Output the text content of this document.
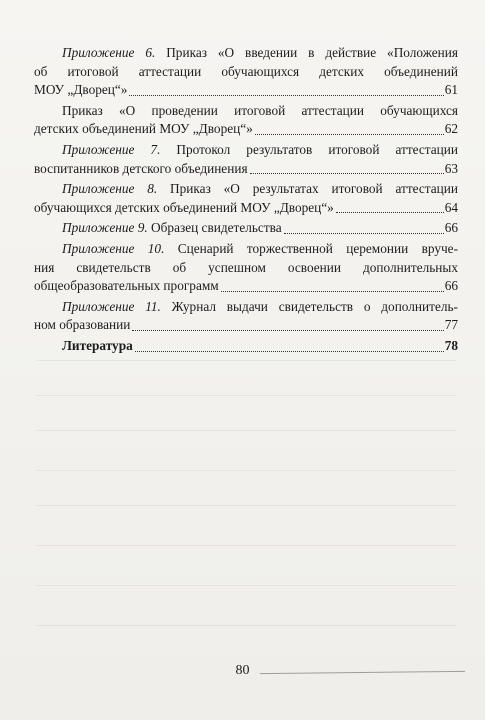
Приложение 6. Приказ «О введении в действие «Положения
об итоговой аттестации обучающихся детских объединений
МОУ „Дворец“»	61
Приказ «О проведении итоговой аттестации обучающихся
детских объединений МОУ „Дворец“»	62
Приложение 7. Протокол результатов итоговой аттестации
воспитанников детского объединения	63
Приложение 8. Приказ «О результатах итоговой аттестации
обучающихся детских объединений МОУ „Дворец“»	64
Приложение 9.
Образец свидетельства	66
Приложение 10. Сценарий торжественной церемонии вруче-
ния свидетельств об успешном освоении дополнительных
общеобразовательных программ	66
Приложение 11. Журнал выдачи свидетельств о дополнитель-
ном образовании	77
Литература	78
80
